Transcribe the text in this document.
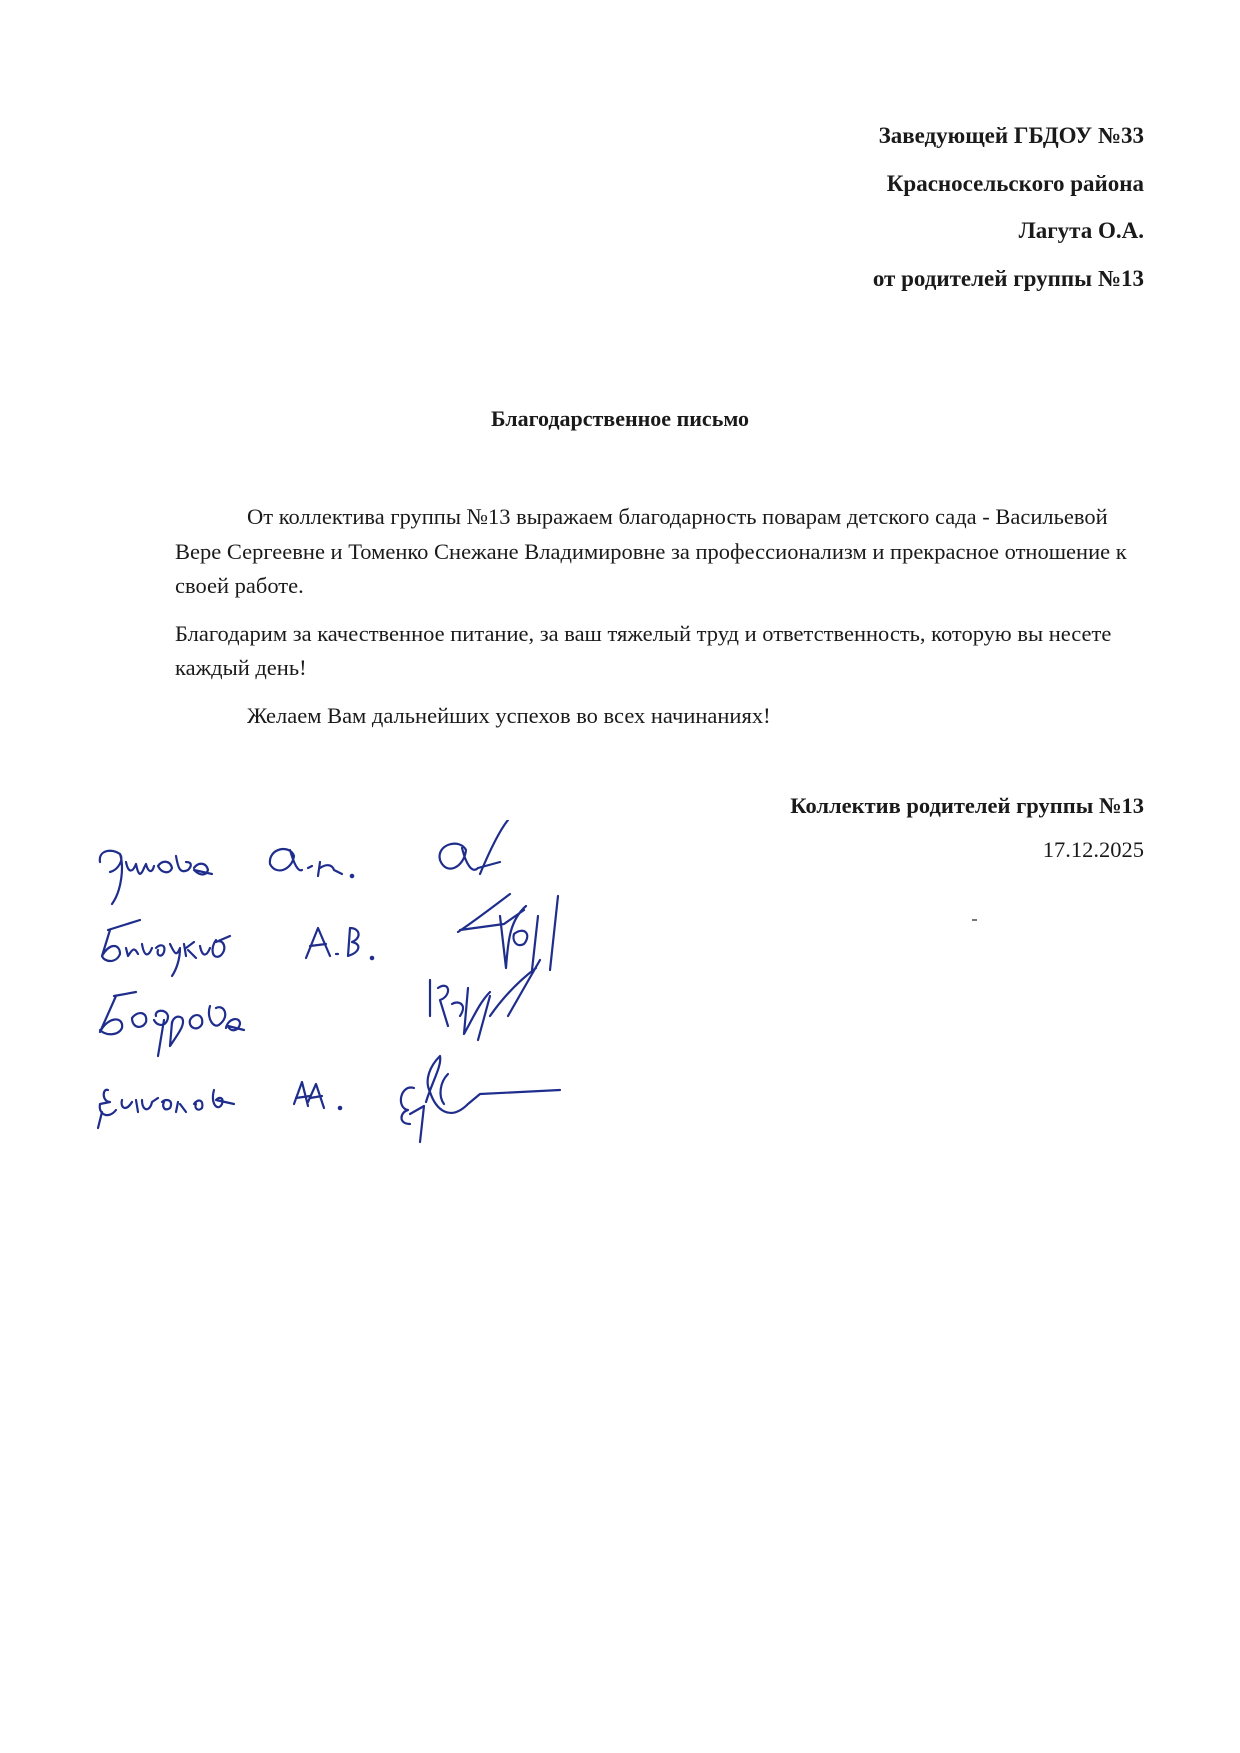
Заведующей ГБДОУ №33
Красносельского района
Лагута О.А.
от родителей группы №13
Благодарственное письмо

От коллектива группы №13 выражаем благодарность поварам детского сада - Васильевой Вере Сергеевне и Томенко Снежане Владимировне за профессионализм и прекрасное отношение к своей работе.

Благодарим за качественное питание, за ваш тяжелый труд и ответственность, которую вы несете каждый день!

Желаем Вам дальнейших успехов во всех начинаниях!

Коллектив родителей группы №13
17.12.2025
